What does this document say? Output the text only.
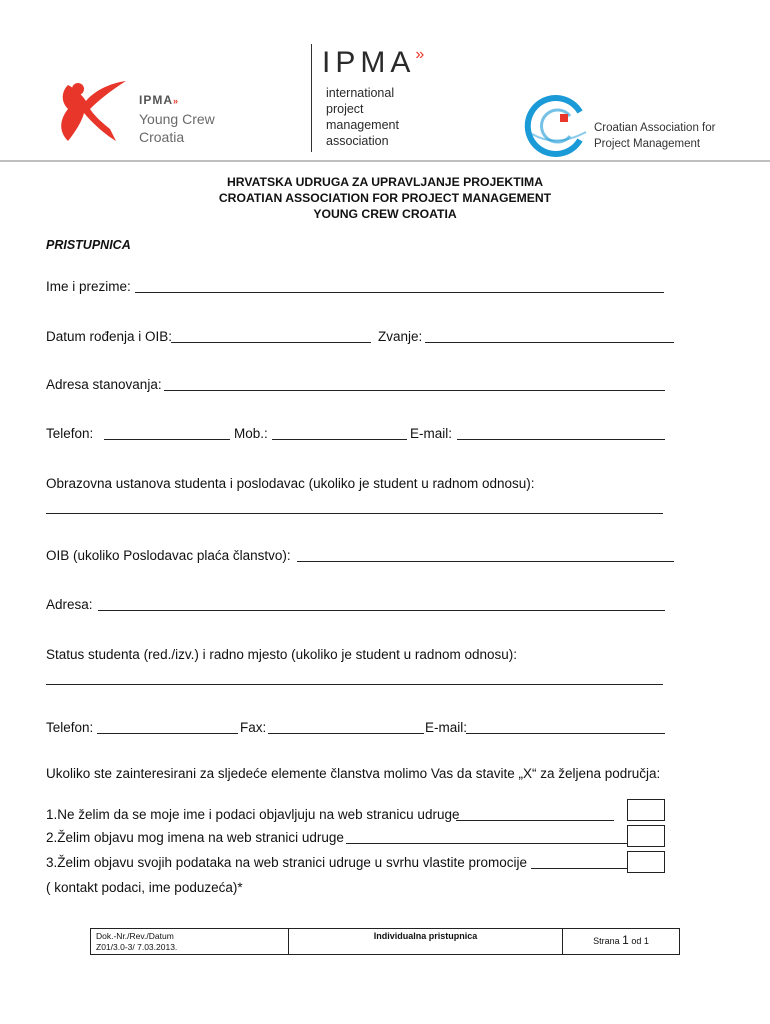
IPMA»
Young Crew
Croatia
IPMA»
international
project
management
association
Croatian Association for
Project Management
HRVATSKA UDRUGA ZA UPRAVLJANJE PROJEKTIMA
CROATIAN ASSOCIATION FOR PROJECT MANAGEMENT
YOUNG CREW CROATIA
PRISTUPNICA
Ime i prezime:
Datum rođenja i OIB:	Zvanje:
Adresa stanovanja:
Telefon:	Mob.:	E-mail:
Obrazovna ustanova studenta i poslodavac (ukoliko je student u radnom odnosu):
OIB (ukoliko Poslodavac plaća članstvo):
Adresa:
Status studenta (red./izv.) i radno mjesto (ukoliko je student u radnom odnosu):
Telefon:	Fax:	E-mail:
Ukoliko ste zainteresirani za sljedeće elemente članstva molimo Vas da stavite „X“ za željena područja:
1.Ne želim da se moje ime i podaci objavljuju na web stranicu udruge
2.Želim objavu mog imena na web stranici udruge
3.Želim objavu svojih podataka na web stranici udruge u svrhu vlastite promocije
( kontakt podaci, ime poduzeća)*
Dok.-Nr./Rev./Datum
Z01/3.0-3/ 7.03.2013.
Individualna pristupnica	Strana 1 od 1
